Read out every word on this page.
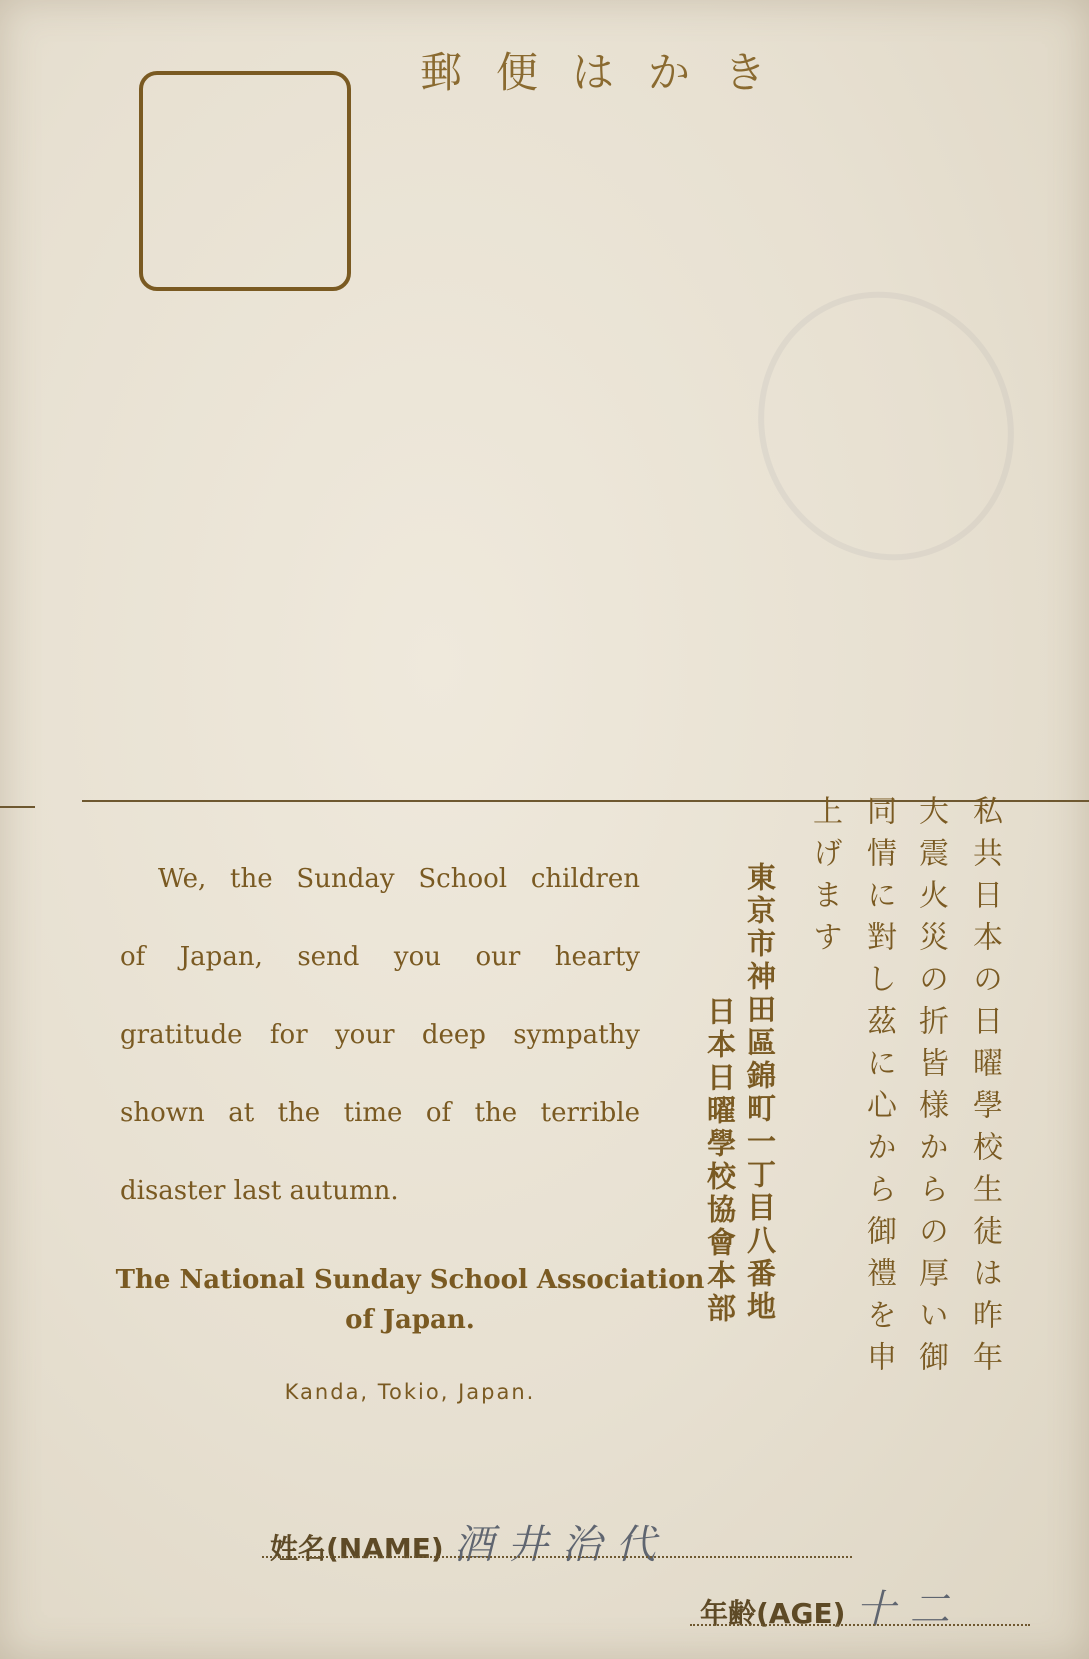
郵便はかき
We, the Sunday School children
of Japan, send you our hearty
gratitude for your deep sympathy
shown at the time of the terrible
disaster last autumn.
The National Sunday School Association
of Japan.
Kanda, Tokio, Japan.
私共日本の日曜學校生徒は昨年
大震火災の折皆様からの厚い御
同情に對し茲に心から御禮を申
上げます
東京市神田區錦町一丁目八番地
日本日曜學校協會本部
姓名(NAME) 酒井治代
年齢(AGE) 十二
